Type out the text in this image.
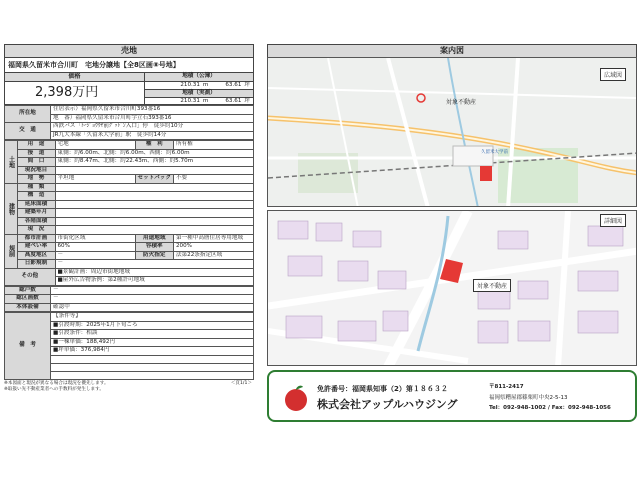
売地
福岡県久留米市合川町　宅地分譲地【全8区画⑧号地】
価格
2,398万円
地積（公簿）
210.31 m	63.61 坪
地積（実測）
210.31 m	63.61 坪
所在地	住居表示）福岡県久留米市合川町393番16
	地　番）福岡県久留米市合川町字立石393番16
交　通	西鉄バス「ﾄｰｼﾞｮｳｳﾔ前ｸﾞｯﾄﾞﾝ入口」停　徒歩約10分
	JR九大本線「久留米大学前」駅　徒歩約14分
土地	用　途	宅地	権　利	所有権
	接　道	東側：約6.00m、北側：約6.00m、西側：約6.00m		
	間　口	東側：約8.47m、北側：約22.43m、西側：約5.70m		
	現況地目			
	地　勢	平坦地	セットバック	不要
建物	種　類			
	構　造			
	延床面積			
	建築年月			
	各階面積			
	現　況			
規制	都市計画	市街化区域	用途地域	第一種中高層住居専用地域
	建ぺい率	60%	容積率	200%
	高度地区	－	防火指定	法第22条指定区域
	日影規制	－		
その他		■景観計画：周辺市街地地域		
		■屋外広告物条例：第2種許可地域		
総戸数	－
総区画数	－
本体設備	確認中
備　考	【条件等】
■引渡時期：2025年1月下旬ごろ
■引渡条件：相談
■一棟単価：188,492円
■坪単価：376,984円

※本図面と現況が異なる場合は現況を優先します。
※取扱い先不動産業者への手数料が発生します。
＜頁1/1＞
案内図
広域図
対象不動産
久留米大学前
詳細図
対象不動産
免許番号：福岡県知事（2）第１８６３２
株式会社アップルハウジング
〒811-2417
福岡県糟屋郡篠栗町中央2-5-13
Tel：092-948-1002 / Fax：092-948-1056
